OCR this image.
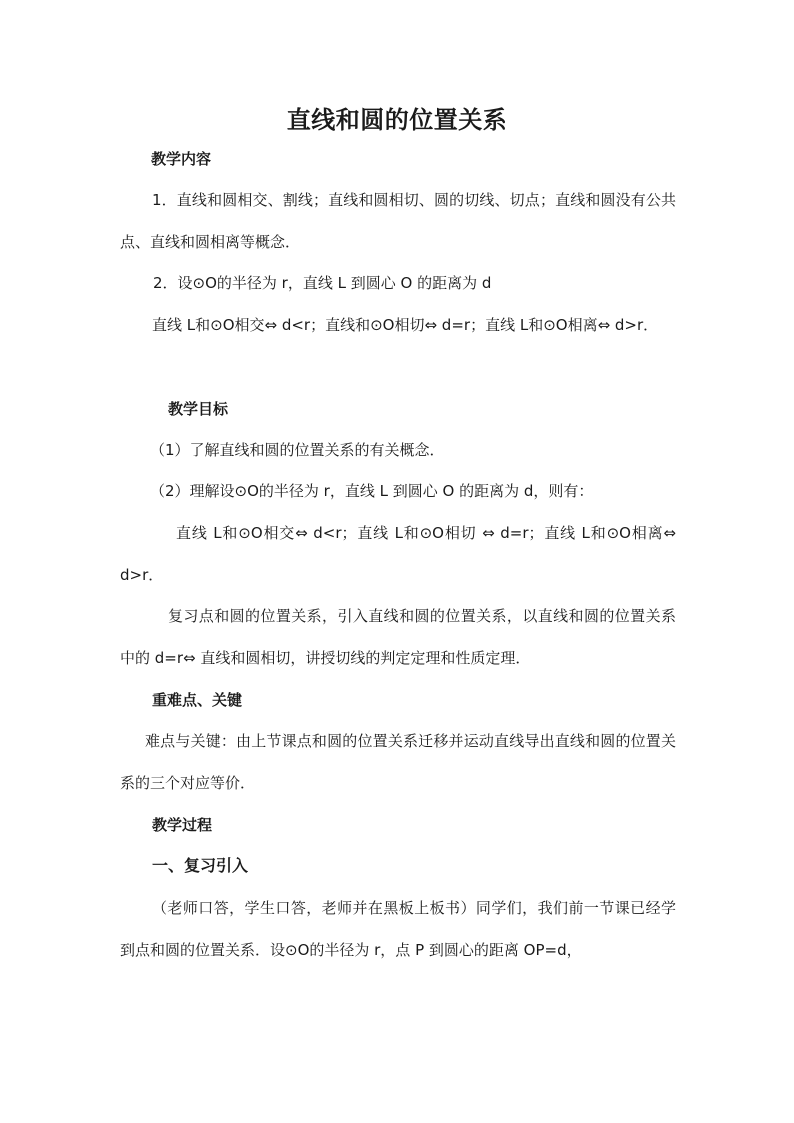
直线和圆的位置关系
教学内容

1．直线和圆相交、割线；直线和圆相切、圆的切线、切点；直线和圆没有公共点、直线和圆相离等概念．

2．设⊙O的半径为 r，直线 L 到圆心 O 的距离为 d

直线 L和⊙O相交⇔ d<r；直线和⊙O相切⇔ d=r；直线 L和⊙O相离⇔ d>r．

教学目标

（1）了解直线和圆的位置关系的有关概念．

（2）理解设⊙O的半径为 r，直线 L 到圆心 O 的距离为 d，则有：

直线 L和⊙O相交⇔ d<r；直线 L和⊙O相切 ⇔ d=r；直线 L和⊙O相离⇔ d>r．

复习点和圆的位置关系，引入直线和圆的位置关系，以直线和圆的位置关系中的 d=r⇔ 直线和圆相切，讲授切线的判定定理和性质定理．

重难点、关键

难点与关键：由上节课点和圆的位置关系迁移并运动直线导出直线和圆的位置关系的三个对应等价．

教学过程
一、复习引入

（老师口答，学生口答，老师并在黑板上板书）同学们，我们前一节课已经学到点和圆的位置关系．设⊙O的半径为 r，点 P 到圆心的距离 OP=d，
